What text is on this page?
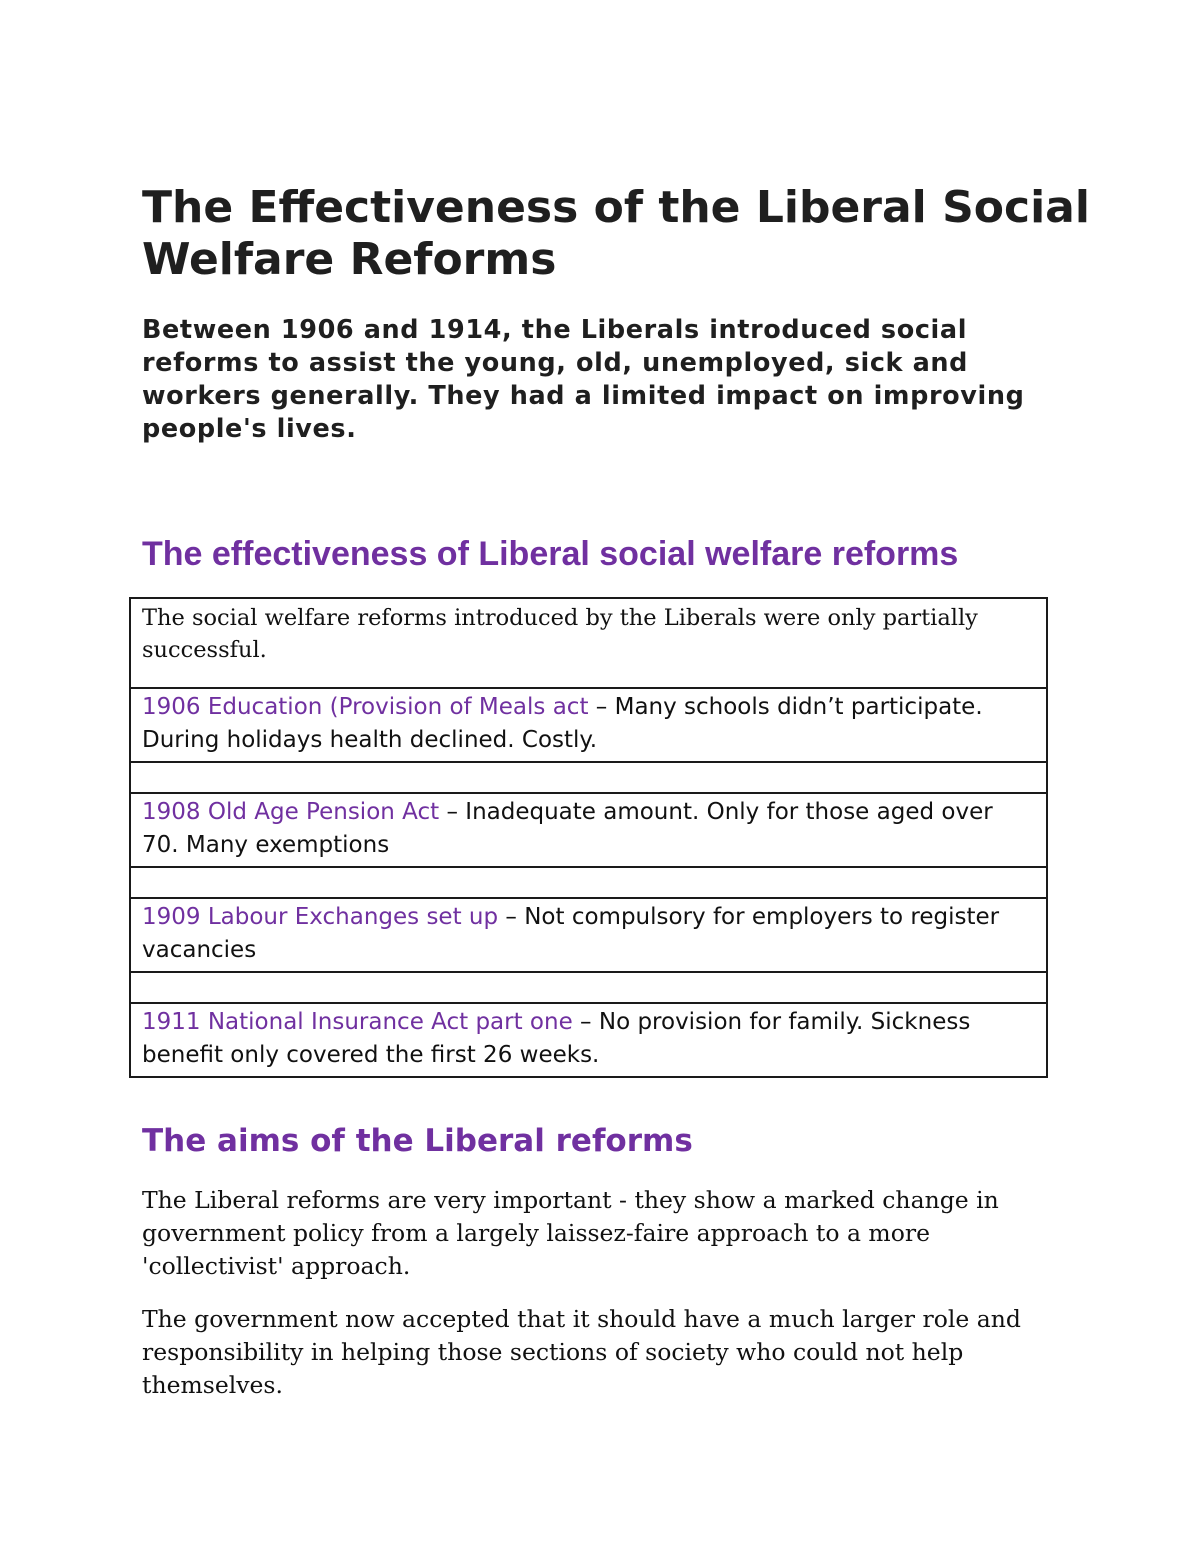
The Effectiveness of the Liberal Social Welfare Reforms

Between 1906 and 1914, the Liberals introduced social reforms to assist the young, old, unemployed, sick and workers generally. They had a limited impact on improving people's lives.

The effectiveness of Liberal social welfare reforms
The social welfare reforms introduced by the Liberals were only partially successful.
1906 Education (Provision of Meals act – Many schools didn’t participate. During holidays health declined. Costly.

1908 Old Age Pension Act – Inadequate amount. Only for those aged over 70. Many exemptions

1909 Labour Exchanges set up – Not compulsory for employers to register vacancies

1911 National Insurance Act part one – No provision for family. Sickness benefit only covered the first 26 weeks.
The aims of the Liberal reforms

The Liberal reforms are very important - they show a marked change in government policy from a largely laissez-faire approach to a more 'collectivist' approach.

The government now accepted that it should have a much larger role and responsibility in helping those sections of society who could not help themselves.
